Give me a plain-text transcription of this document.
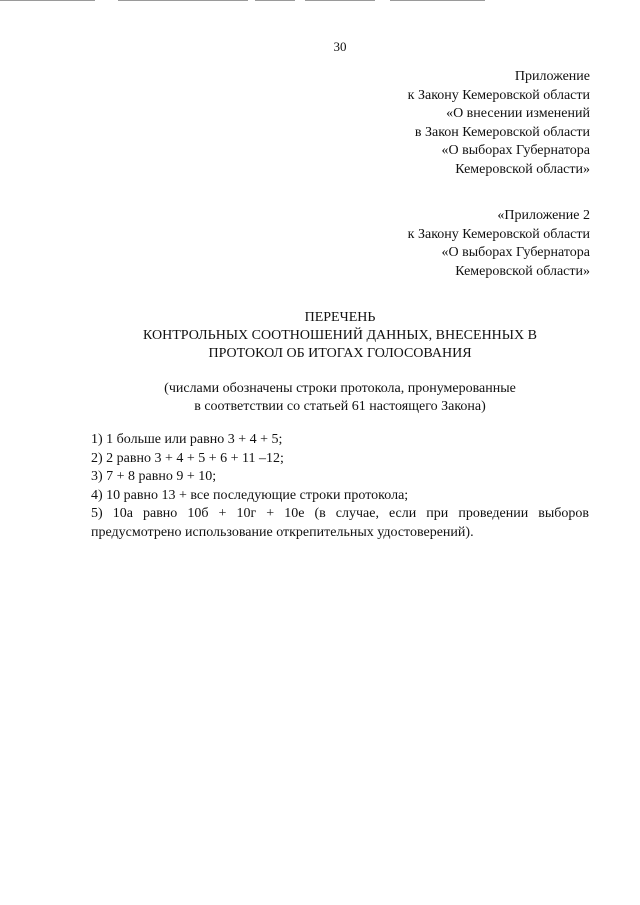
30
Приложение
к Закону Кемеровской области
«О внесении изменений
в Закон Кемеровской области
«О выборах Губернатора
Кемеровской области»
«Приложение 2
к Закону Кемеровской области
«О выборах Губернатора
Кемеровской области»
ПЕРЕЧЕНЬ
КОНТРОЛЬНЫХ СООТНОШЕНИЙ ДАННЫХ, ВНЕСЕННЫХ В
ПРОТОКОЛ ОБ ИТОГАХ ГОЛОСОВАНИЯ
(числами обозначены строки протокола, пронумерованные
в соответствии со статьей 61 настоящего Закона)
1) 1 больше или равно 3 + 4 + 5;
2) 2 равно 3 + 4 + 5 + 6 + 11 –12;
3) 7 + 8 равно 9 + 10;
4) 10 равно 13 + все последующие строки протокола;
5) 10а равно 10б + 10г + 10е (в случае, если при проведении выборов предусмотрено использование открепительных удостоверений).
